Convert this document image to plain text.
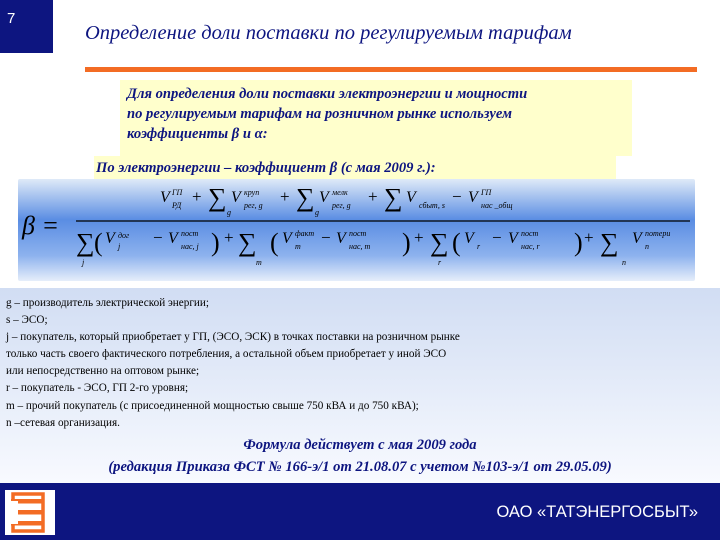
7
Определение доли поставки по регулируемым тарифам
Для определения доли поставки электроэнергии и мощности
по регулируемым тарифам на розничном рынке используем
коэффициенты β и α:
По электроэнергии – коэффициент β (с мая 2009 г.):
β =
V ГП
РД + ∑
g
V круп
рег, g + ∑
g
V мелк
рег, g + ∑ V сбыт, s − V ГП
нас _общ
∑
j
( V дог
j − V пост
нас, j ) + ∑
m
( V факт
m − V пост
нас, m ) + ∑
r
( V r − V пост
нас, r ) + ∑
n
V потери
n
g – производитель электрической энергии;
s – ЭСО;
j – покупатель, который приобретает у ГП, (ЭСО, ЭСК) в точках поставки на розничном рынке
только часть своего фактического потребления, а остальной объем приобретает у иной ЭСО
или непосредственно на оптовом рынке;
r – покупатель - ЭСО, ГП 2-го уровня;
m – прочий покупатель (с присоединенной мощностью свыше 750 кВА и до 750 кВА);
n –сетевая организация.
Формула действует с мая 2009 года
(редакция Приказа ФСТ № 166-э/1 от 21.08.07 с учетом №103-э/1 от 29.05.09)
ОАО «ТАТЭНЕРГОСБЫТ»
